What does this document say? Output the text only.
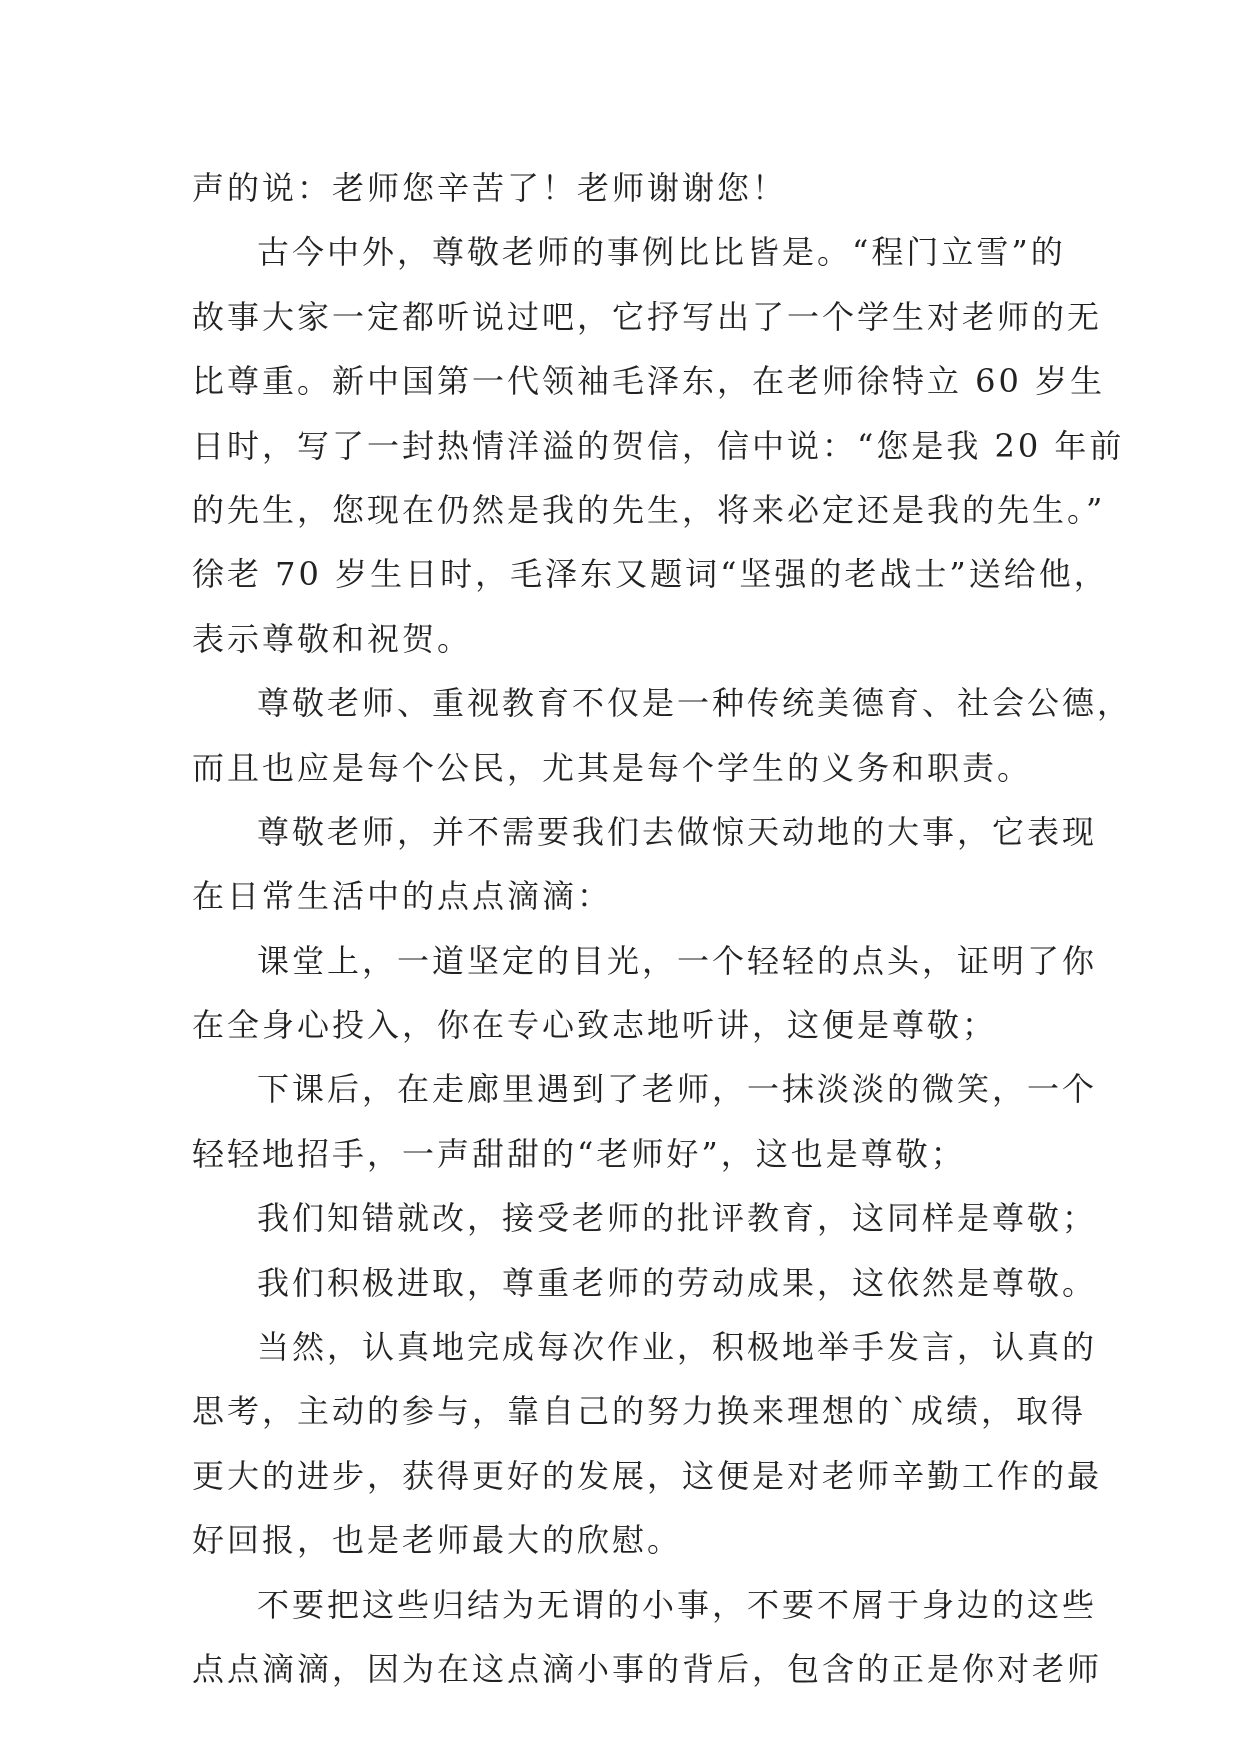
声的说：老师您辛苦了！老师谢谢您！
古今中外，尊敬老师的事例比比皆是。“程门立雪”的
故事大家一定都听说过吧，它抒写出了一个学生对老师的无
比尊重。新中国第一代领袖毛泽东，在老师徐特立 60 岁生
日时，写了一封热情洋溢的贺信，信中说：“您是我 20 年前
的先生，您现在仍然是我的先生，将来必定还是我的先生。”
徐老 70 岁生日时，毛泽东又题词“坚强的老战士”送给他，
表示尊敬和祝贺。
尊敬老师、重视教育不仅是一种传统美德育、社会公德，
而且也应是每个公民，尤其是每个学生的义务和职责。
尊敬老师，并不需要我们去做惊天动地的大事，它表现
在日常生活中的点点滴滴：
课堂上，一道坚定的目光，一个轻轻的点头，证明了你
在全身心投入，你在专心致志地听讲，这便是尊敬；
下课后，在走廊里遇到了老师，一抹淡淡的微笑，一个
轻轻地招手，一声甜甜的“老师好”，这也是尊敬；
我们知错就改，接受老师的批评教育，这同样是尊敬；
我们积极进取，尊重老师的劳动成果，这依然是尊敬。
当然，认真地完成每次作业，积极地举手发言，认真的
思考，主动的参与，靠自己的努力换来理想的`成绩，取得
更大的进步，获得更好的发展，这便是对老师辛勤工作的最
好回报，也是老师最大的欣慰。
不要把这些归结为无谓的小事，不要不屑于身边的这些
点点滴滴，因为在这点滴小事的背后，包含的正是你对老师
